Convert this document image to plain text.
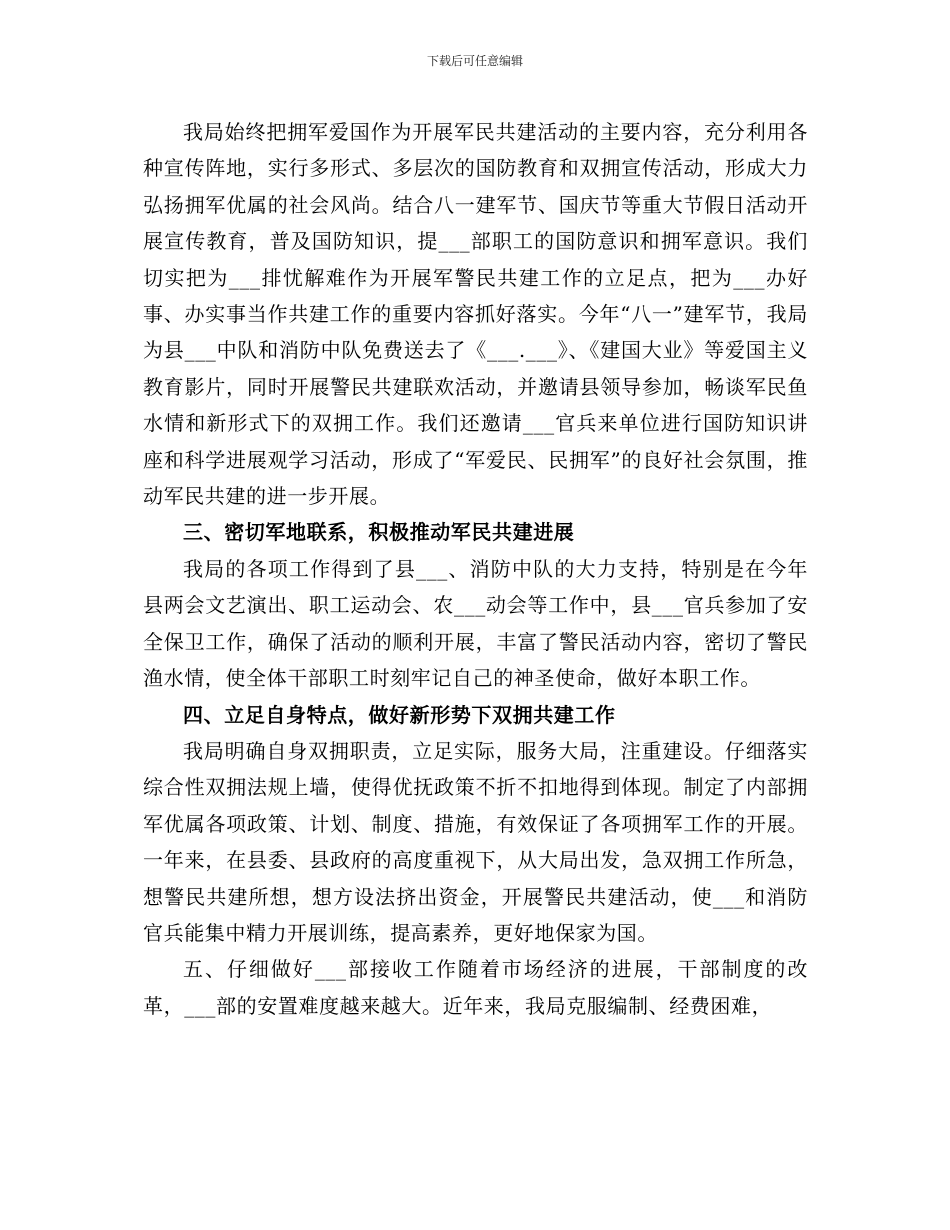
下载后可任意编辑

我局始终把拥军爱国作为开展军民共建活动的主要内容，充分利用各种宣传阵地，实行多形式、多层次的国防教育和双拥宣传活动，形成大力弘扬拥军优属的社会风尚。结合八一建军节、国庆节等重大节假日活动开展宣传教育，普及国防知识，提___部职工的国防意识和拥军意识。我们切实把为___排忧解难作为开展军警民共建工作的立足点，把为___办好事、办实事当作共建工作的重要内容抓好落实。今年“八一”建军节，我局为县___中队和消防中队免费送去了《___.___》、《建国大业》等爱国主义教育影片，同时开展警民共建联欢活动，并邀请县领导参加，畅谈军民鱼水情和新形式下的双拥工作。我们还邀请___官兵来单位进行国防知识讲座和科学进展观学习活动，形成了“军爱民、民拥军”的良好社会氛围，推动军民共建的进一步开展。

三、密切军地联系，积极推动军民共建进展

我局的各项工作得到了县___、消防中队的大力支持，特别是在今年县两会文艺演出、职工运动会、农___动会等工作中，县___官兵参加了安全保卫工作，确保了活动的顺利开展，丰富了警民活动内容，密切了警民渔水情，使全体干部职工时刻牢记自己的神圣使命，做好本职工作。

四、立足自身特点，做好新形势下双拥共建工作

我局明确自身双拥职责，立足实际，服务大局，注重建设。仔细落实综合性双拥法规上墙，使得优抚政策不折不扣地得到体现。制定了内部拥军优属各项政策、计划、制度、措施，有效保证了各项拥军工作的开展。一年来，在县委、县政府的高度重视下，从大局出发，急双拥工作所急，想警民共建所想，想方设法挤出资金，开展警民共建活动，使___和消防官兵能集中精力开展训练，提高素养，更好地保家为国。

五、仔细做好___部接收工作随着市场经济的进展，干部制度的改革，___部的安置难度越来越大。近年来，我局克服编制、经费困难，
